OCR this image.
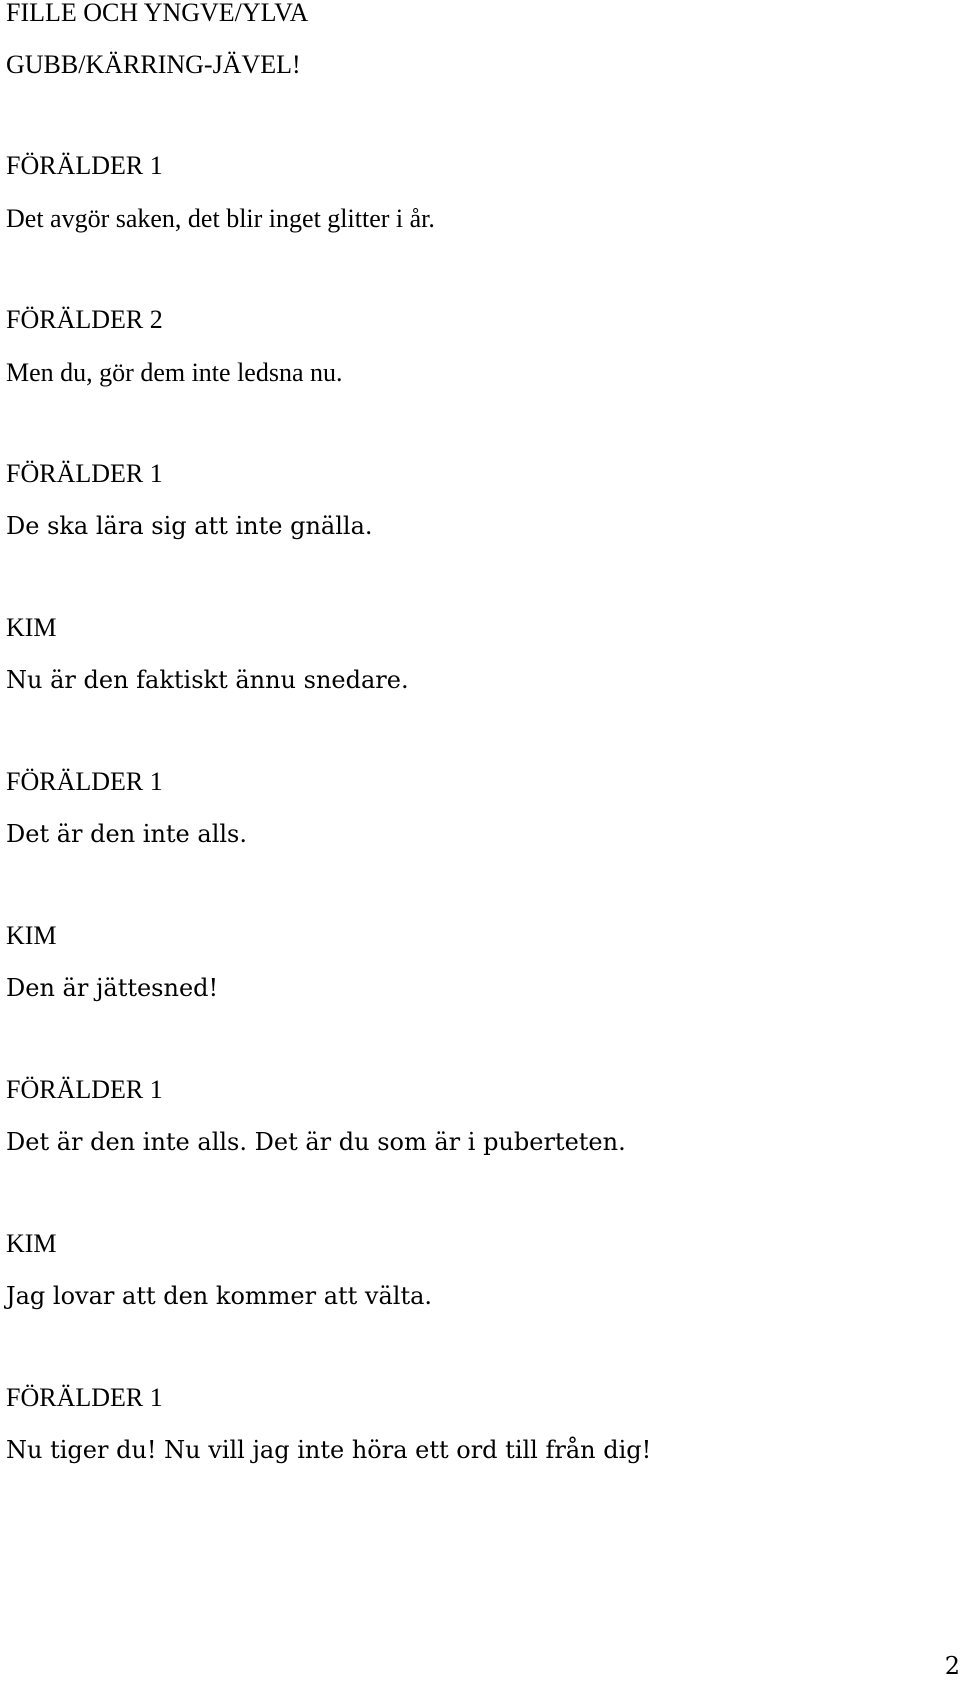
FILLE OCH YNGVE/YLVA
GUBB/KÄRRING-JÄVEL!
FÖRÄLDER 1
Det avgör saken, det blir inget glitter i år.
FÖRÄLDER 2
Men du, gör dem inte ledsna nu.
FÖRÄLDER 1
De ska lära sig att inte gnälla.
KIM
Nu är den faktiskt ännu snedare.
FÖRÄLDER 1
Det är den inte alls.
KIM
Den är jättesned!
FÖRÄLDER 1
Det är den inte alls. Det är du som är i puberteten.
KIM
Jag lovar att den kommer att välta.
FÖRÄLDER 1
Nu tiger du! Nu vill jag inte höra ett ord till från dig!
2
